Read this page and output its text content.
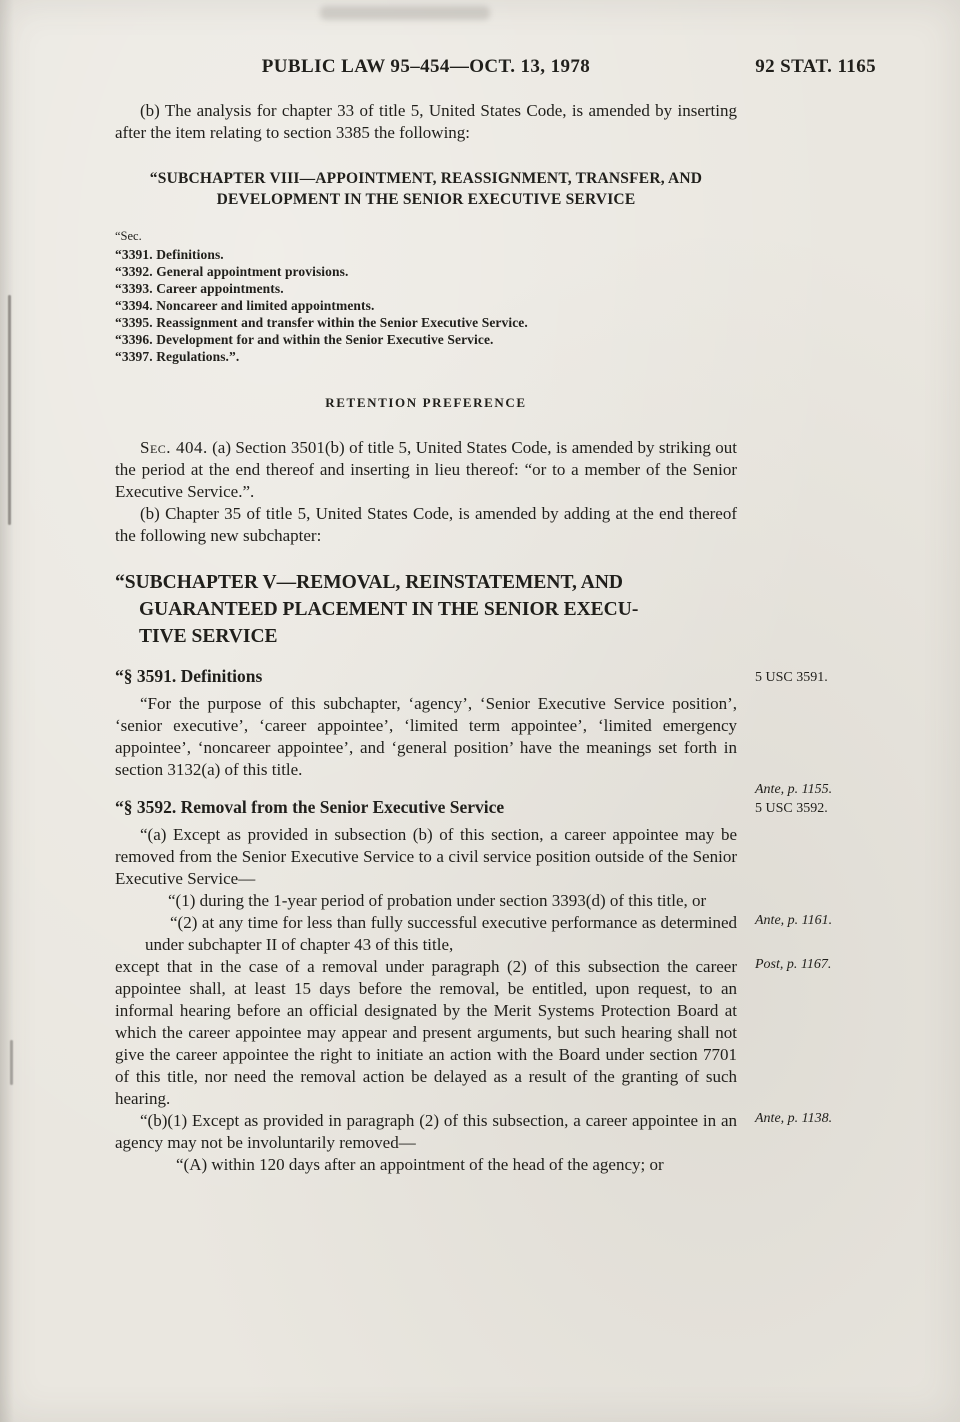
PUBLIC LAW 95–454—OCT. 13, 1978	92 STAT. 1165
(b) The analysis for chapter 33 of title 5, United States Code, is amended by inserting after the item relating to section 3385 the following:
“SUBCHAPTER VIII—APPOINTMENT, REASSIGNMENT, TRANSFER, AND
DEVELOPMENT IN THE SENIOR EXECUTIVE SERVICE
“Sec.
“3391. Definitions.
“3392. General appointment provisions.
“3393. Career appointments.
“3394. Noncareer and limited appointments.
“3395. Reassignment and transfer within the Senior Executive Service.
“3396. Development for and within the Senior Executive Service.
“3397. Regulations.”.
RETENTION PREFERENCE
Sec. 404. (a) Section 3501(b) of title 5, United States Code, is amended by striking out the period at the end thereof and inserting in lieu thereof: “or to a member of the Senior Executive Service.”.
(b) Chapter 35 of title 5, United States Code, is amended by adding at the end thereof the following new subchapter:
“SUBCHAPTER V—REMOVAL, REINSTATEMENT, AND
GUARANTEED PLACEMENT IN THE SENIOR EXECU-
TIVE SERVICE
“§ 3591. Definitions	5 USC 3591.
“For the purpose of this subchapter, ‘agency’, ‘Senior Executive Service position’, ‘senior executive’, ‘career appointee’, ‘limited term appointee’, ‘limited emergency appointee’, ‘noncareer appointee’, and ‘general position’ have the meanings set forth in section 3132(a) of this title.
Ante, p. 1155.
“§ 3592. Removal from the Senior Executive Service	5 USC 3592.
“(a) Except as provided in subsection (b) of this section, a career appointee may be removed from the Senior Executive Service to a civil service position outside of the Senior Executive Service—
“(1) during the 1-year period of probation under section 3393(d) of this title, or
Ante, p. 1161.
“(2) at any time for less than fully successful executive performance as determined under subchapter II of chapter 43 of this title,
Post, p. 1167.
except that in the case of a removal under paragraph (2) of this subsection the career appointee shall, at least 15 days before the removal, be entitled, upon request, to an informal hearing before an official designated by the Merit Systems Protection Board at which the career appointee may appear and present arguments, but such hearing shall not give the career appointee the right to initiate an action with the Board under section 7701 of this title, nor need the removal action be delayed as a result of the granting of such hearing.
Ante, p. 1138.
“(b)(1) Except as provided in paragraph (2) of this subsection, a career appointee in an agency may not be involuntarily removed—
“(A) within 120 days after an appointment of the head of the agency; or
